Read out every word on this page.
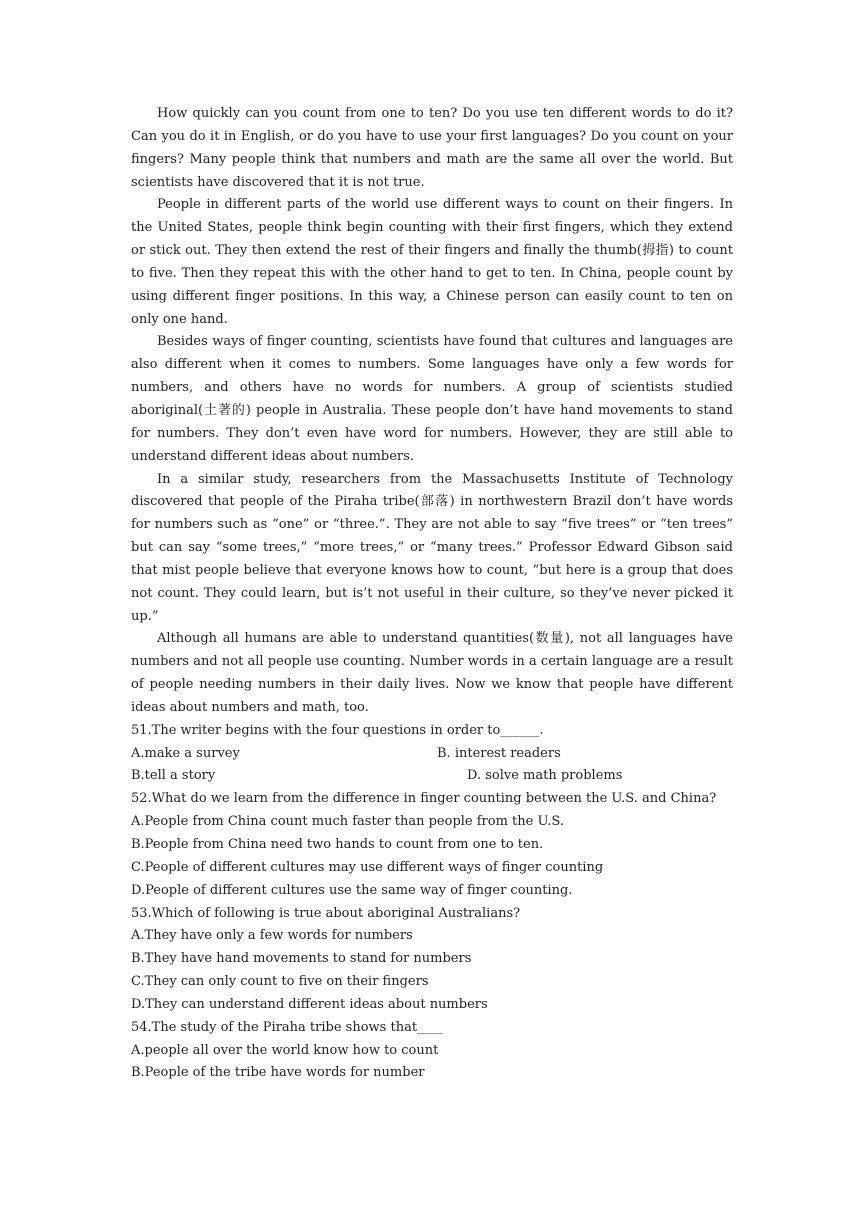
How quickly can you count from one to ten? Do you use ten different words to do it? Can you do it in English, or do you have to use your first languages? Do you count on your fingers? Many people think that numbers and math are the same all over the world. But scientists have discovered that it is not true.

People in different parts of the world use different ways to count on their fingers. In the United States, people think begin counting with their first fingers, which they extend or stick out. They then extend the rest of their fingers and finally the thumb(拇指) to count to five. Then they repeat this with the other hand to get to ten. In China, people count by using different finger positions. In this way, a Chinese person can easily count to ten on only one hand.

Besides ways of finger counting, scientists have found that cultures and languages are also different when it comes to numbers. Some languages have only a few words for numbers, and others have no words for numbers. A group of scientists studied aboriginal(土著的) people in Australia. These people don’t have hand movements to stand for numbers. They don’t even have word for numbers. However, they are still able to understand different ideas about numbers.

In a similar study, researchers from the Massachusetts Institute of Technology discovered that people of the Piraha tribe(部落) in northwestern Brazil don’t have words for numbers such as “one” or “three.”. They are not able to say “five trees” or “ten trees” but can say “some trees,” “more trees,” or “many trees.” Professor Edward Gibson said that mist people believe that everyone knows how to count, “but here is a group that does not count. They could learn, but is’t not useful in their culture, so they’ve never picked it up.”

Although all humans are able to understand quantities(数量), not all languages have numbers and not all people use counting. Number words in a certain language are a result of people needing numbers in their daily lives. Now we know that people have different ideas about numbers and math, too.

51.The writer begins with the four questions in order to______.

A.make a survey	B. interest readers
B.tell a story	D. solve math problems

52.What do we learn from the difference in finger counting between the U.S. and China?

A.People from China count much faster than people from the U.S.

B.People from China need two hands to count from one to ten.

C.People of different cultures may use different ways of finger counting

D.People of different cultures use the same way of finger counting.

53.Which of following is true about aboriginal Australians?

A.They have only a few words for numbers

B.They have hand movements to stand for numbers

C.They can only count to five on their fingers

D.They can understand different ideas about numbers

54.The study of the Piraha tribe shows that____

A.people all over the world know how to count

B.People of the tribe have words for number
